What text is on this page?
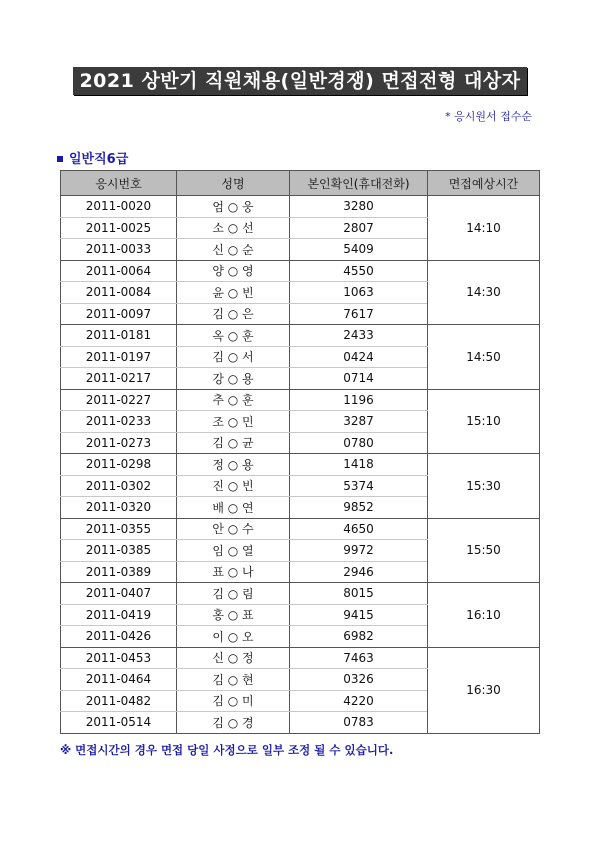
2021 상반기 직원채용(일반경쟁) 면접전형 대상자
* 응시원서 접수순
일반직6급
응시번호	성명	본인확인(휴대전화)	면접예상시간
2011-0020	엄 ○ 웅	3280	14:10
2011-0025	소 ○ 선	2807	
2011-0033	신 ○ 순	5409	
2011-0064	양 ○ 영	4550	14:30
2011-0084	윤 ○ 빈	1063	
2011-0097	김 ○ 은	7617	
2011-0181	옥 ○ 훈	2433	14:50
2011-0197	김 ○ 서	0424	
2011-0217	강 ○ 용	0714	
2011-0227	추 ○ 훈	1196	15:10
2011-0233	조 ○ 민	3287	
2011-0273	김 ○ 균	0780	
2011-0298	정 ○ 용	1418	15:30
2011-0302	진 ○ 빈	5374	
2011-0320	배 ○ 연	9852	
2011-0355	안 ○ 수	4650	15:50
2011-0385	임 ○ 열	9972	
2011-0389	표 ○ 나	2946	
2011-0407	김 ○ 림	8015	16:10
2011-0419	홍 ○ 표	9415	
2011-0426	이 ○ 오	6982	
2011-0453	신 ○ 정	7463	16:30
2011-0464	김 ○ 현	0326	
2011-0482	김 ○ 미	4220	
2011-0514	김 ○ 경	0783	
※ 면접시간의 경우 면접 당일 사정으로 일부 조정 될 수 있습니다.
